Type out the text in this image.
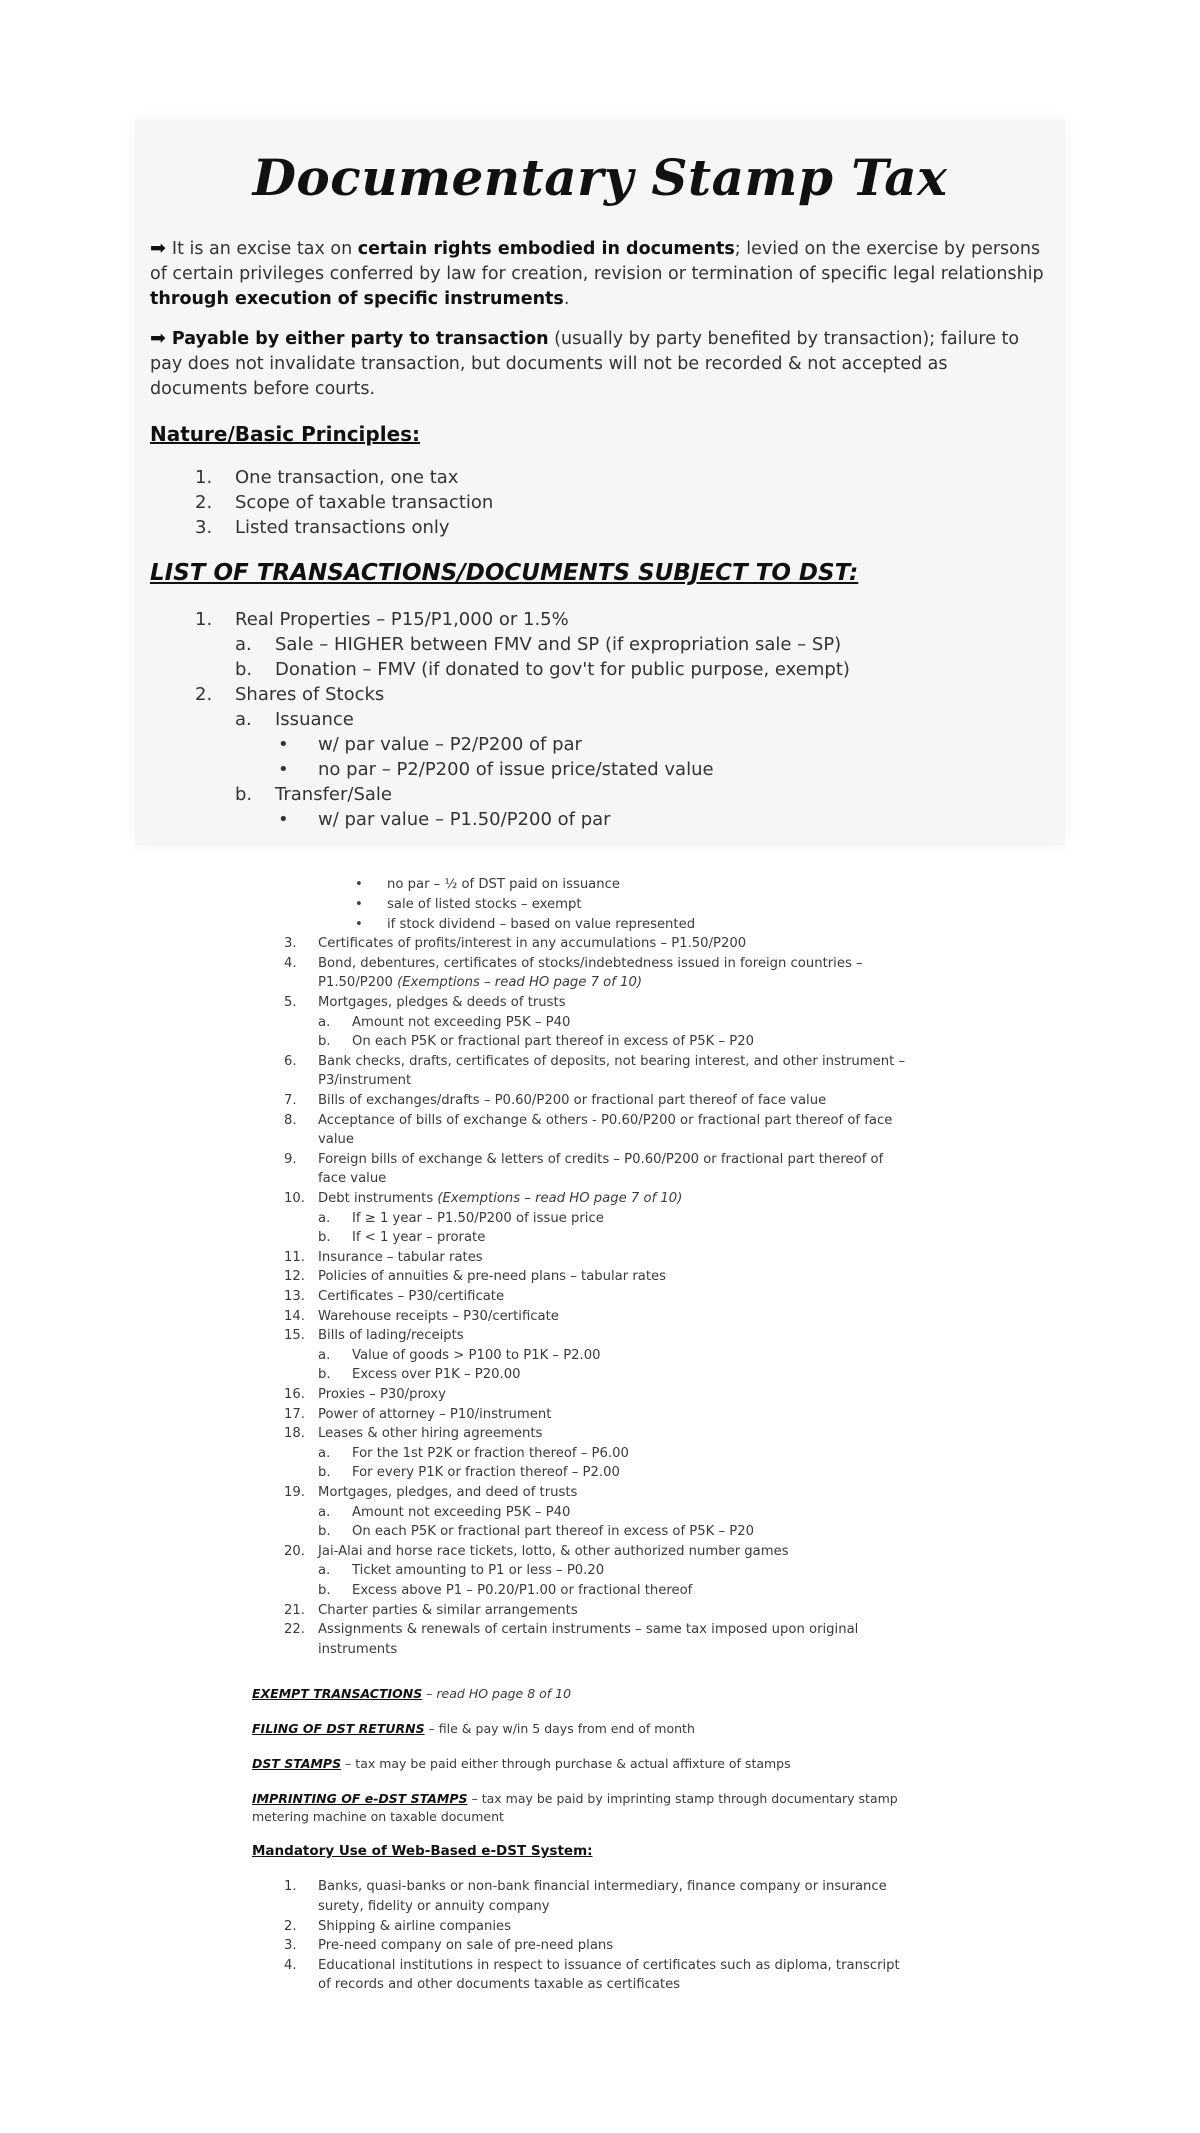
Documentary Stamp Tax

➡ It is an excise tax on certain rights embodied in documents; levied on the exercise by persons of certain privileges conferred by law for creation, revision or termination of specific legal relationship through execution of specific instruments.

➡ Payable by either party to transaction (usually by party benefited by transaction); failure to pay does not invalidate transaction, but documents will not be recorded & not accepted as documents before courts.

Nature/Basic Principles:
1. One transaction, one tax
2. Scope of taxable transaction
3. Listed transactions only
LIST OF TRANSACTIONS/DOCUMENTS SUBJECT TO DST:
1. Real Properties – P15/P1,000 or 1.5%
a. Sale – HIGHER between FMV and SP (if expropriation sale – SP)
b. Donation – FMV (if donated to gov't for public purpose, exempt)
2. Shares of Stocks
a. Issuance
• w/ par value – P2/P200 of par
• no par – P2/P200 of issue price/stated value
b. Transfer/Sale
• w/ par value – P1.50/P200 of par
• no par – ½ of DST paid on issuance
• sale of listed stocks – exempt
• if stock dividend – based on value represented
3. Certificates of profits/interest in any accumulations – P1.50/P200
4. Bond, debentures, certificates of stocks/indebtedness issued in foreign countries –
P1.50/P200 (Exemptions – read HO page 7 of 10)
5. Mortgages, pledges & deeds of trusts
a. Amount not exceeding P5K – P40
b. On each P5K or fractional part thereof in excess of P5K – P20
6. Bank checks, drafts, certificates of deposits, not bearing interest, and other instrument –
P3/instrument
7. Bills of exchanges/drafts – P0.60/P200 or fractional part thereof of face value
8. Acceptance of bills of exchange & others - P0.60/P200 or fractional part thereof of face
value
9. Foreign bills of exchange & letters of credits – P0.60/P200 or fractional part thereof of
face value
10. Debt instruments (Exemptions – read HO page 7 of 10)
a. If ≥ 1 year – P1.50/P200 of issue price
b. If < 1 year – prorate
11. Insurance – tabular rates
12. Policies of annuities & pre-need plans – tabular rates
13. Certificates – P30/certificate
14. Warehouse receipts – P30/certificate
15. Bills of lading/receipts
a. Value of goods > P100 to P1K – P2.00
b. Excess over P1K – P20.00
16. Proxies – P30/proxy
17. Power of attorney – P10/instrument
18. Leases & other hiring agreements
a. For the 1st P2K or fraction thereof – P6.00
b. For every P1K or fraction thereof – P2.00
19. Mortgages, pledges, and deed of trusts
a. Amount not exceeding P5K – P40
b. On each P5K or fractional part thereof in excess of P5K – P20
20. Jai-Alai and horse race tickets, lotto, & other authorized number games
a. Ticket amounting to P1 or less – P0.20
b. Excess above P1 – P0.20/P1.00 or fractional thereof
21. Charter parties & similar arrangements
22. Assignments & renewals of certain instruments – same tax imposed upon original
instruments

EXEMPT TRANSACTIONS – read HO page 8 of 10

FILING OF DST RETURNS – file & pay w/in 5 days from end of month

DST STAMPS – tax may be paid either through purchase & actual affixture of stamps

IMPRINTING OF e-DST STAMPS – tax may be paid by imprinting stamp through documentary stamp

metering machine on taxable document

Mandatory Use of Web-Based e-DST System:
1. Banks, quasi-banks or non-bank financial intermediary, finance company or insurance
surety, fidelity or annuity company
2. Shipping & airline companies
3. Pre-need company on sale of pre-need plans
4. Educational institutions in respect to issuance of certificates such as diploma, transcript
of records and other documents taxable as certificates
